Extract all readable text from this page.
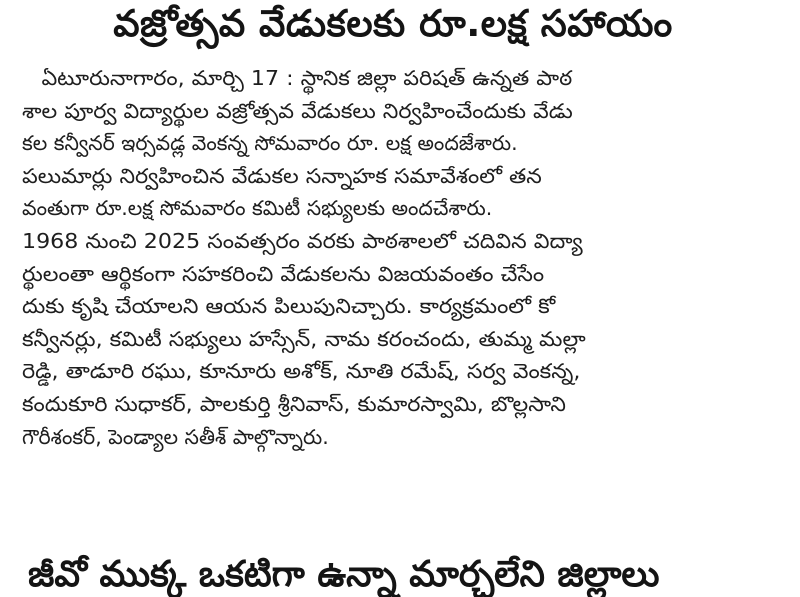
వజ్రోత్సవ వేడుకలకు రూ.లక్ష సహాయం
ఏటూరునాగారం, మార్చి 17 : స్థానిక జిల్లా పరిషత్ ఉన్నత పాఠ
శాల పూర్వ విద్యార్థుల వజ్రోత్సవ వేడుకలు నిర్వహించేందుకు వేడు
కల కన్వీనర్ ఇర్సవడ్ల వెంకన్న సోమవారం రూ. లక్ష అందజేశారు.
పలుమార్లు నిర్వహించిన వేడుకల సన్నాహక సమావేశంలో తన
వంతుగా రూ.లక్ష సోమవారం కమిటీ సభ్యులకు అందచేశారు.
1968 నుంచి 2025 సంవత్సరం వరకు పాఠశాలలో చదివిన విద్యా
ర్థులంతా ఆర్థికంగా సహకరించి వేడుకలను విజయవంతం చేసేం
దుకు కృషి చేయాలని ఆయన పిలుపునిచ్చారు. కార్యక్రమంలో కో
కన్వీనర్లు, కమిటీ సభ్యులు హస్సేన్, నామ కరంచందు, తుమ్మ మల్లా
రెడ్డి, తాడూరి రఘు, కూనూరు అశోక్, నూతి రమేష్, సర్వ వెంకన్న,
కందుకూరి సుధాకర్, పాలకుర్తి శ్రీనివాస్, కుమారస్వామి, బొల్లసాని
గౌరీశంకర్, పెండ్యాల సతీశ్ పాల్గొన్నారు.
జీవో ముక్క ఒకటిగా ఉన్నా మార్చలేని జిల్లాలు
